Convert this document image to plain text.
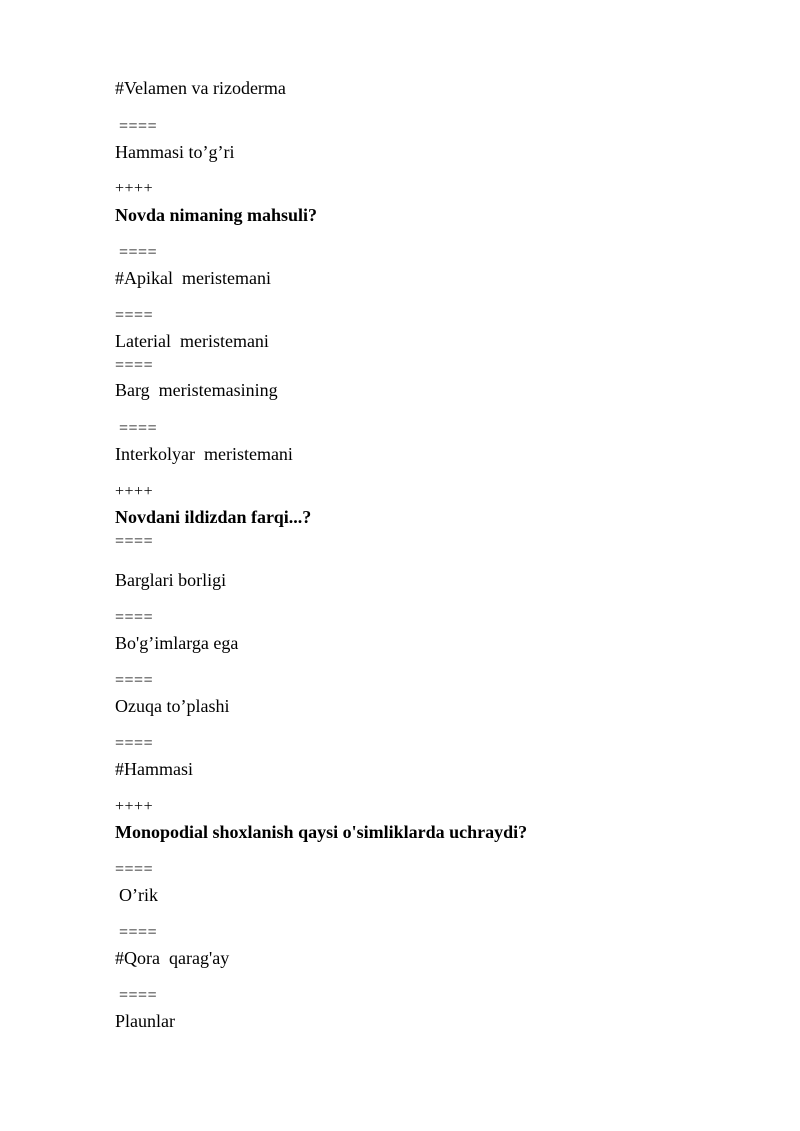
#Velamen va rizoderma
====
Hammasi to’g’ri
++++
Novda nimaning mahsuli?
====
#Apikal  meristemani
====
Laterial  meristemani
====
Barg  meristemasining
====
Interkolyar  meristemani
++++
Novdani ildizdan farqi...?
====
Barglari borligi
====
Bo'g’imlarga ega
====
Ozuqa to’plashi
====
#Hammasi
++++
Monopodial shoxlanish qaysi o'simliklarda uchraydi?
====
O’rik
====
#Qora  qarag'ay
====
Plaunlar
